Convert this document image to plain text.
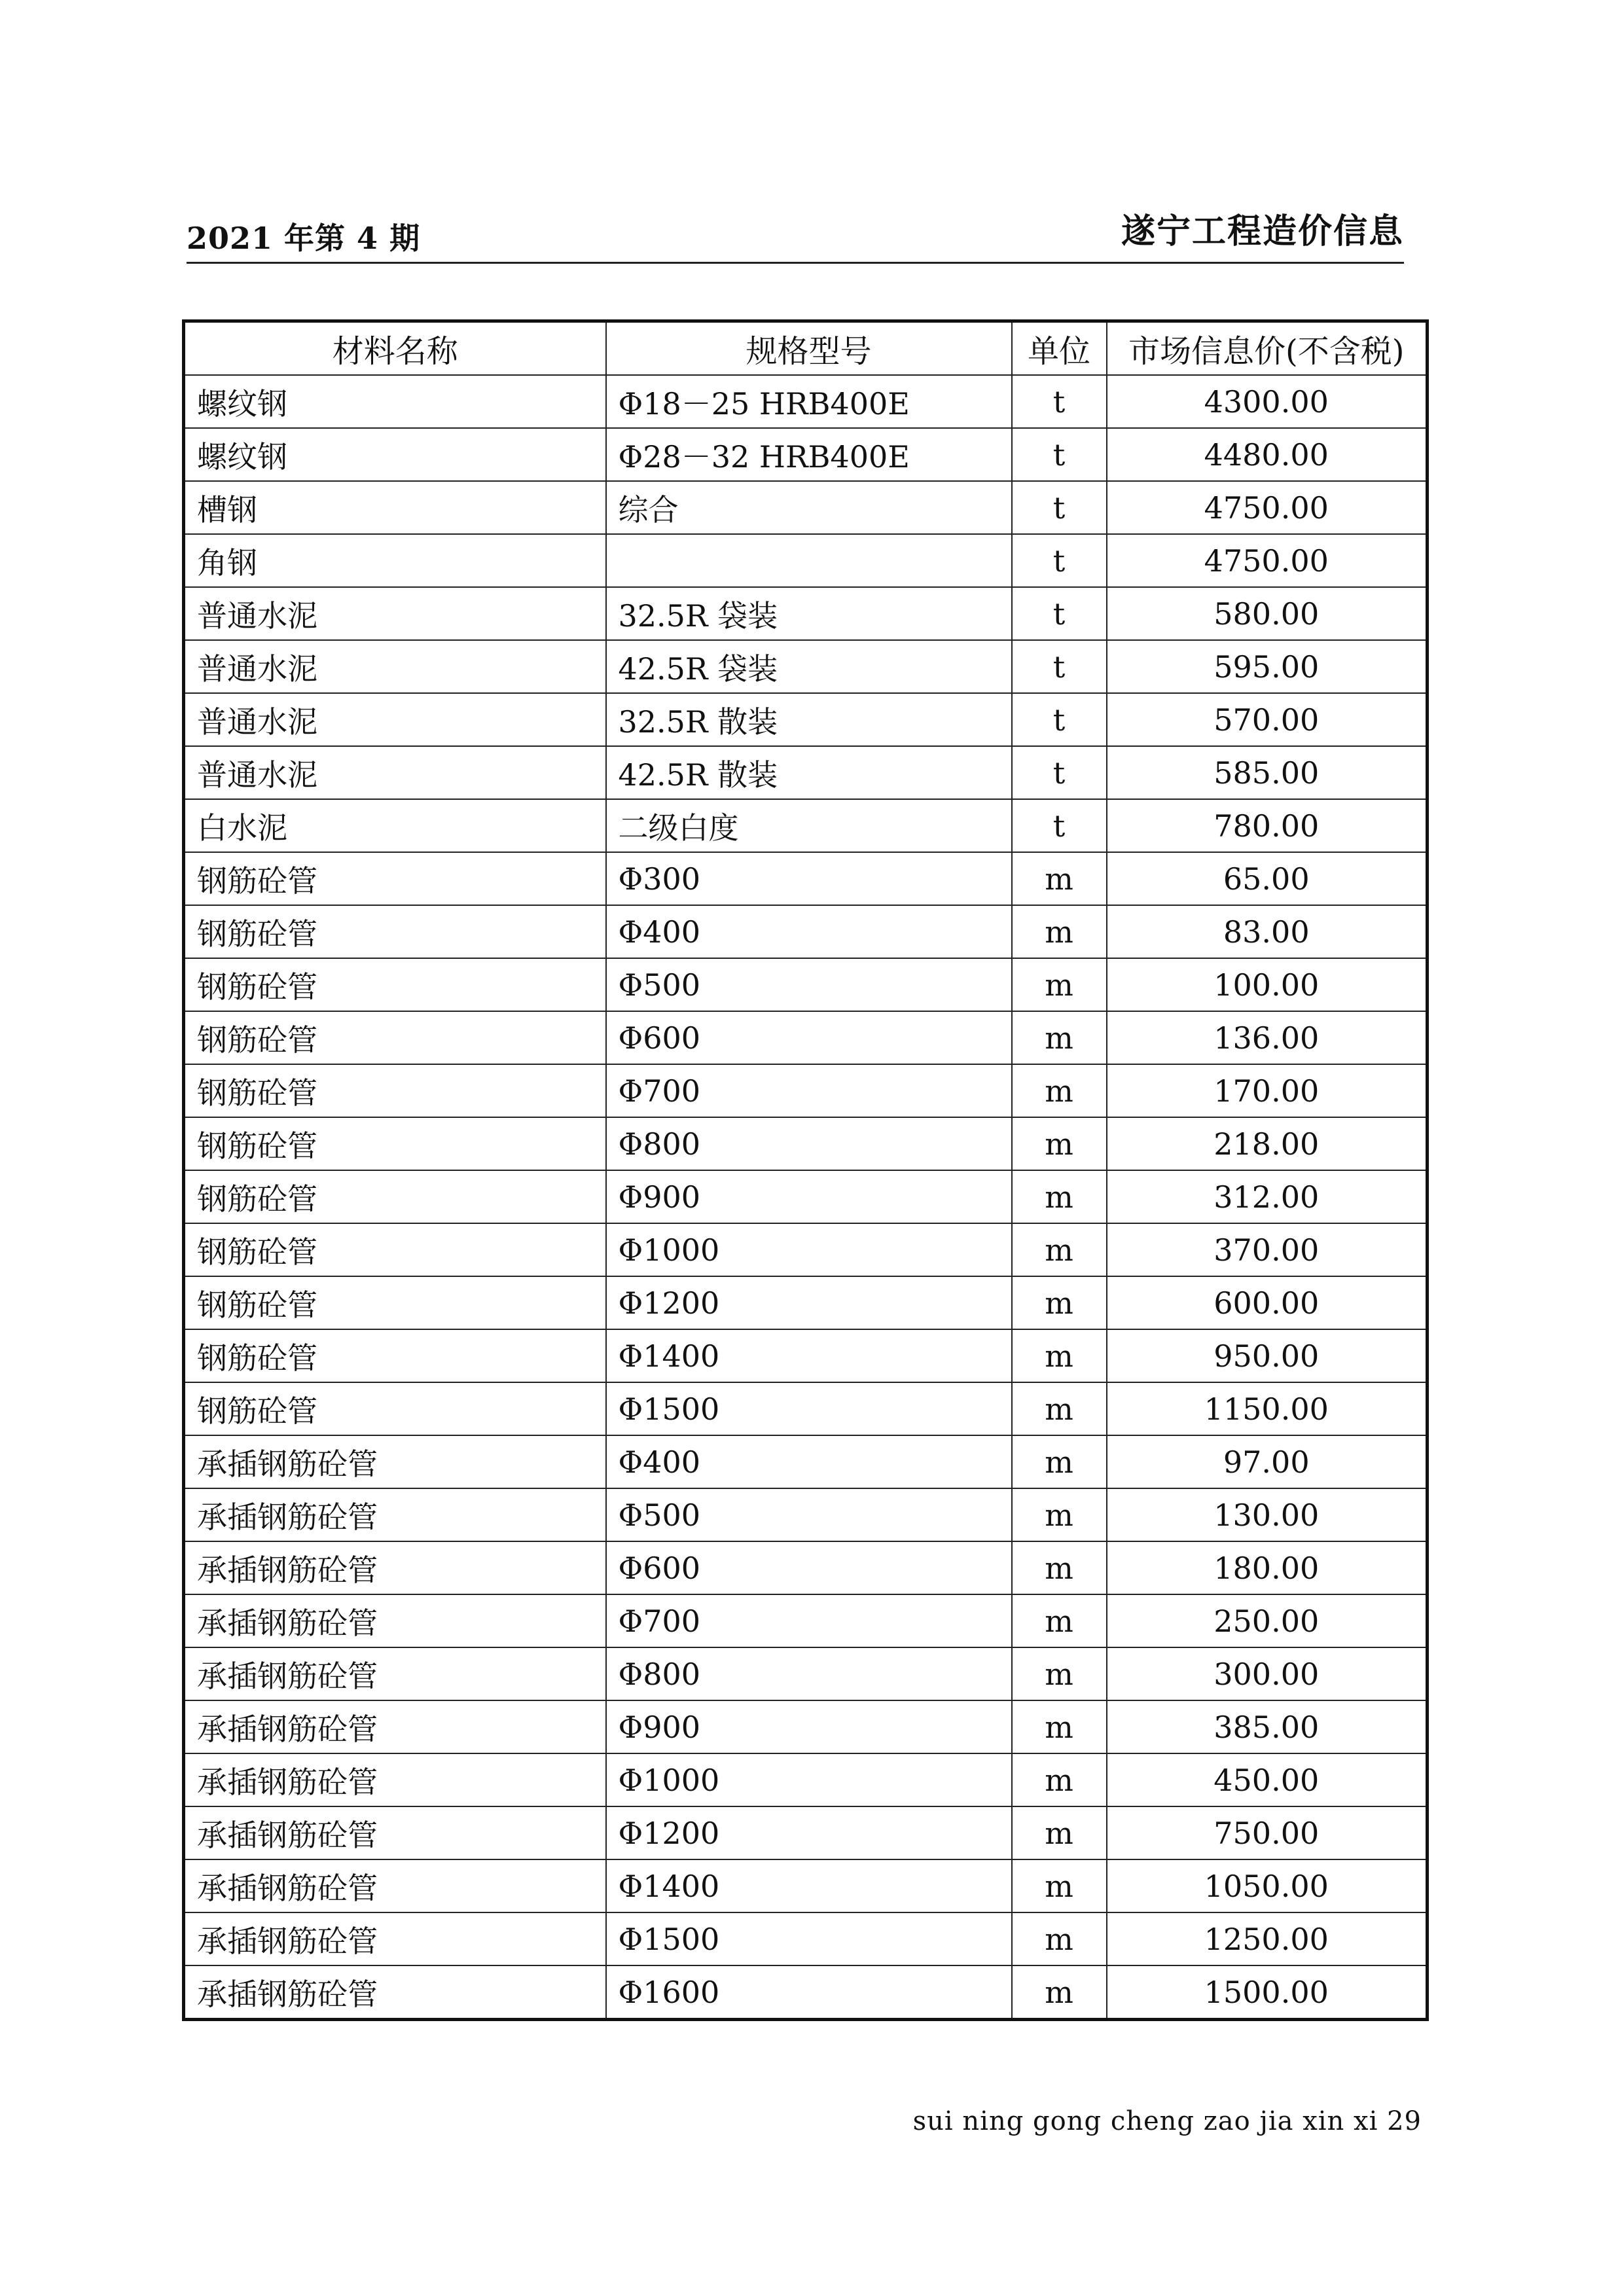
2021 年第 4 期	遂宁工程造价信息
材料名称	规格型号	单位	市场信息价(不含税)
螺纹钢	Φ18－25 HRB400E	t	4300.00
螺纹钢	Φ28－32 HRB400E	t	4480.00
槽钢	综合	t	4750.00
角钢		t	4750.00
普通水泥	32.5R 袋装	t	580.00
普通水泥	42.5R 袋装	t	595.00
普通水泥	32.5R 散装	t	570.00
普通水泥	42.5R 散装	t	585.00
白水泥	二级白度	t	780.00
钢筋砼管	Φ300	m	65.00
钢筋砼管	Φ400	m	83.00
钢筋砼管	Φ500	m	100.00
钢筋砼管	Φ600	m	136.00
钢筋砼管	Φ700	m	170.00
钢筋砼管	Φ800	m	218.00
钢筋砼管	Φ900	m	312.00
钢筋砼管	Φ1000	m	370.00
钢筋砼管	Φ1200	m	600.00
钢筋砼管	Φ1400	m	950.00
钢筋砼管	Φ1500	m	1150.00
承插钢筋砼管	Φ400	m	97.00
承插钢筋砼管	Φ500	m	130.00
承插钢筋砼管	Φ600	m	180.00
承插钢筋砼管	Φ700	m	250.00
承插钢筋砼管	Φ800	m	300.00
承插钢筋砼管	Φ900	m	385.00
承插钢筋砼管	Φ1000	m	450.00
承插钢筋砼管	Φ1200	m	750.00
承插钢筋砼管	Φ1400	m	1050.00
承插钢筋砼管	Φ1500	m	1250.00
承插钢筋砼管	Φ1600	m	1500.00
sui ning gong cheng zao jia xin xi 29
